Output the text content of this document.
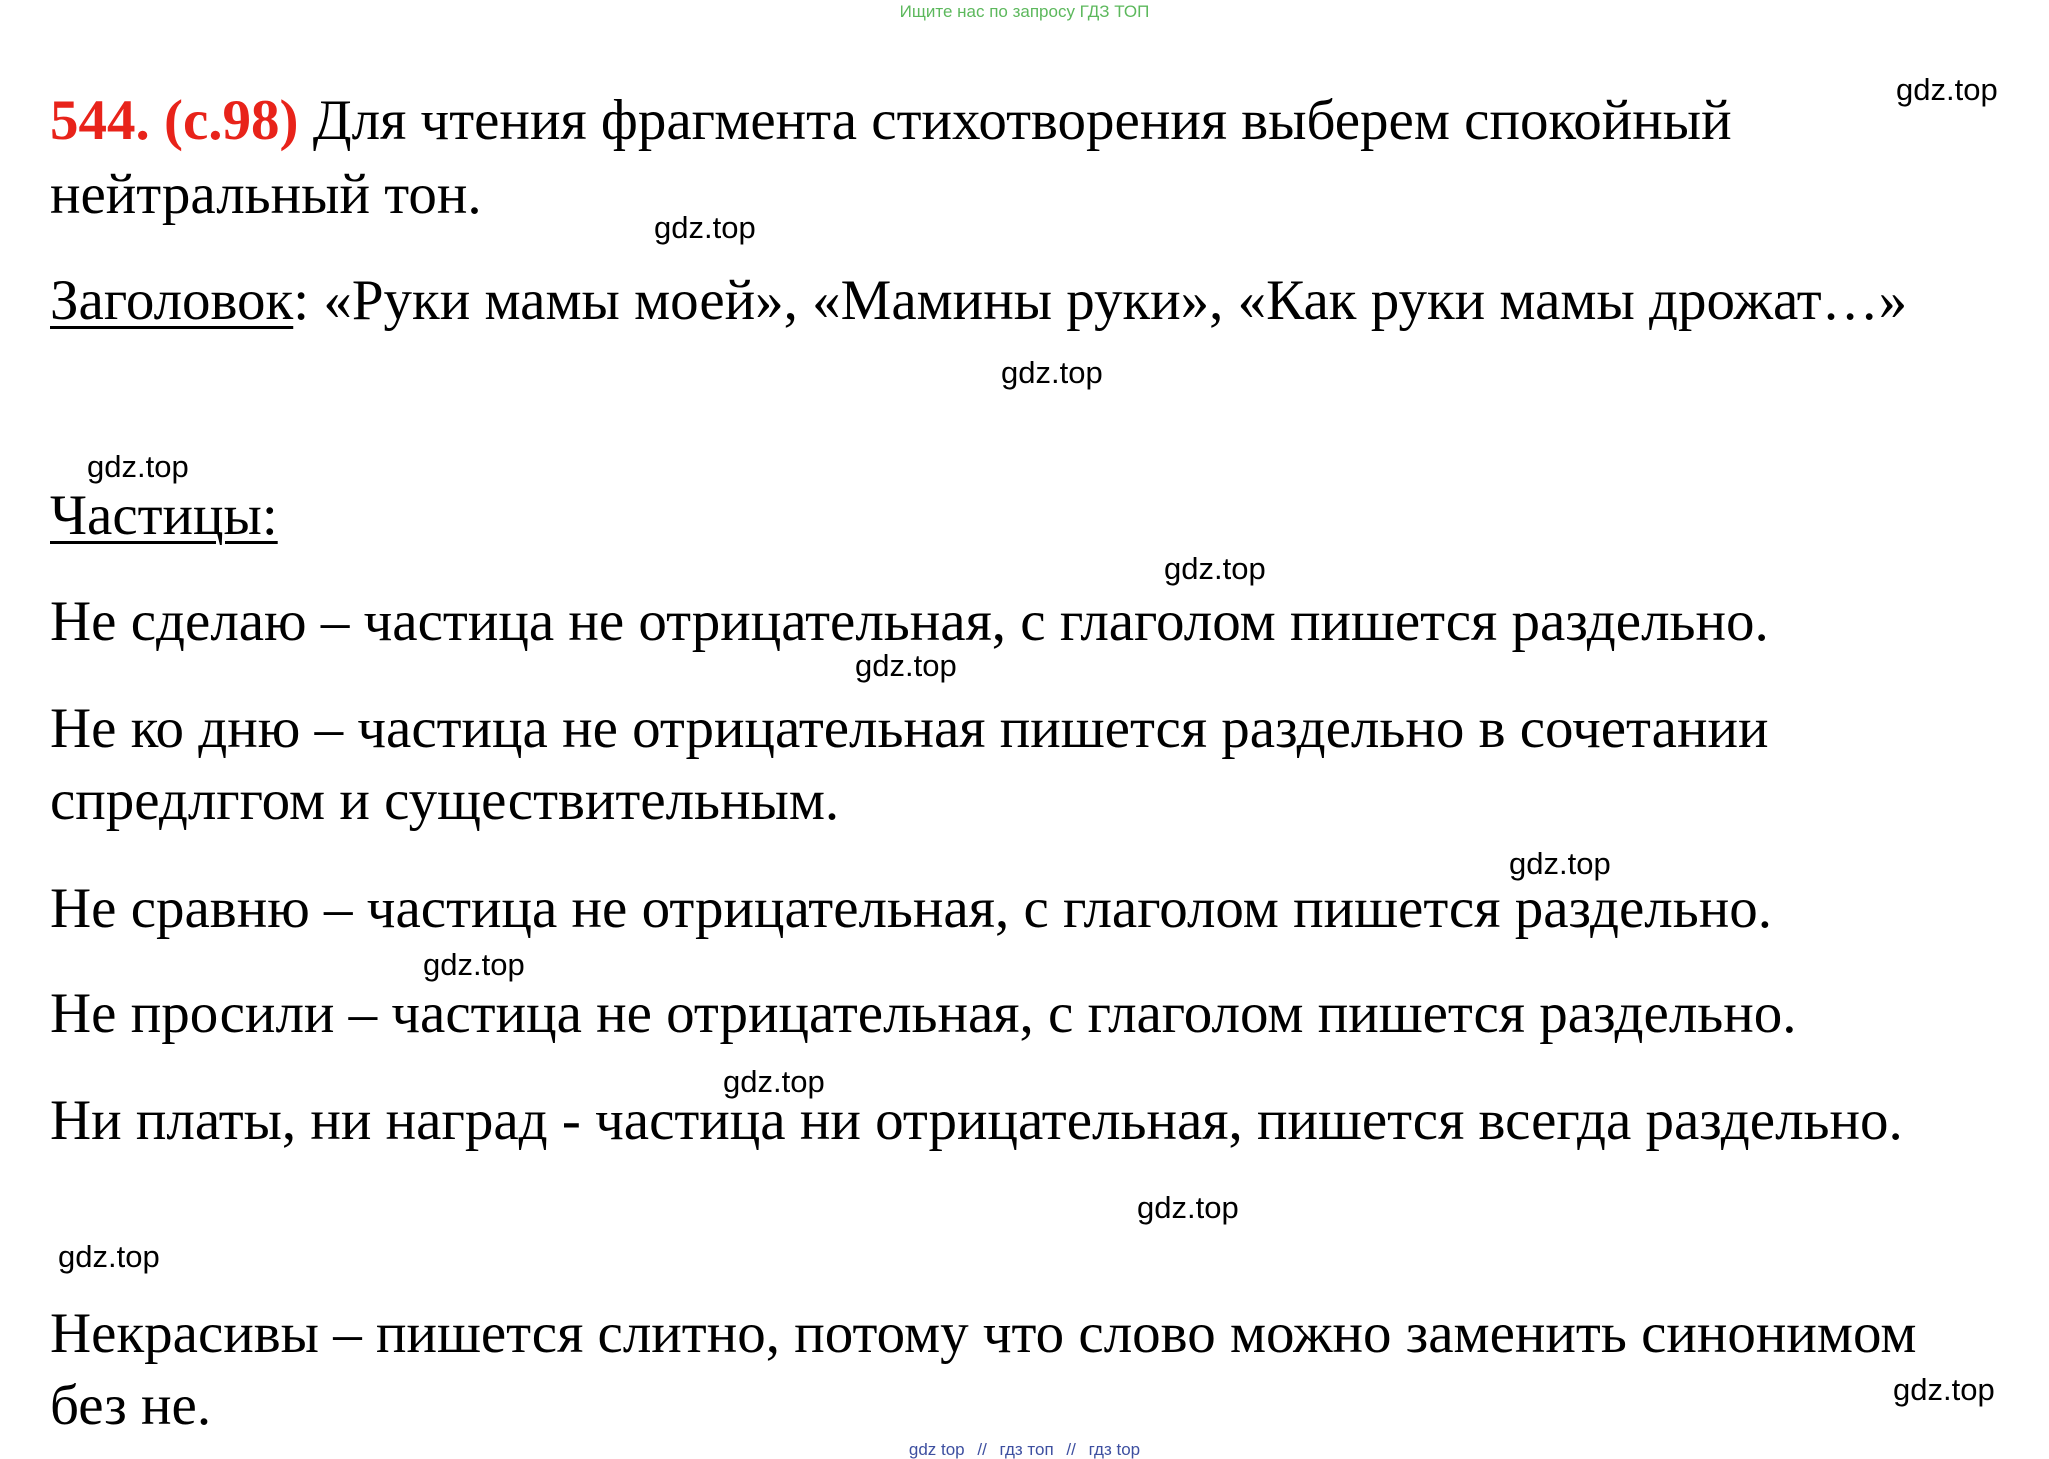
Ищите нас по запросу ГДЗ ТОП
544. (с.98) Для чтения фрагмента стихотворения выберем спокойный
нейтральный тон.
Заголовок: «Руки мамы моей», «Мамины руки», «Как руки мамы дрожат…»
Частицы:
Не сделаю – частица не отрицательная, с глаголом пишется раздельно.
Не ко дню – частица не отрицательная пишется раздельно в сочетании
спредлггом и существительным.
Не сравню – частица не отрицательная, с глаголом пишется раздельно.
Не просили – частица не отрицательная, с глаголом пишется раздельно.
Ни платы, ни наград - частица ни отрицательная, пишется всегда раздельно.
Некрасивы – пишется слитно, потому что слово можно заменить синонимом
без не.
gdz.top
gdz.top
gdz.top
gdz.top
gdz.top
gdz.top
gdz.top
gdz.top
gdz.top
gdz.top
gdz.top
gdz.top
gdz top // гдз топ // гдз top
